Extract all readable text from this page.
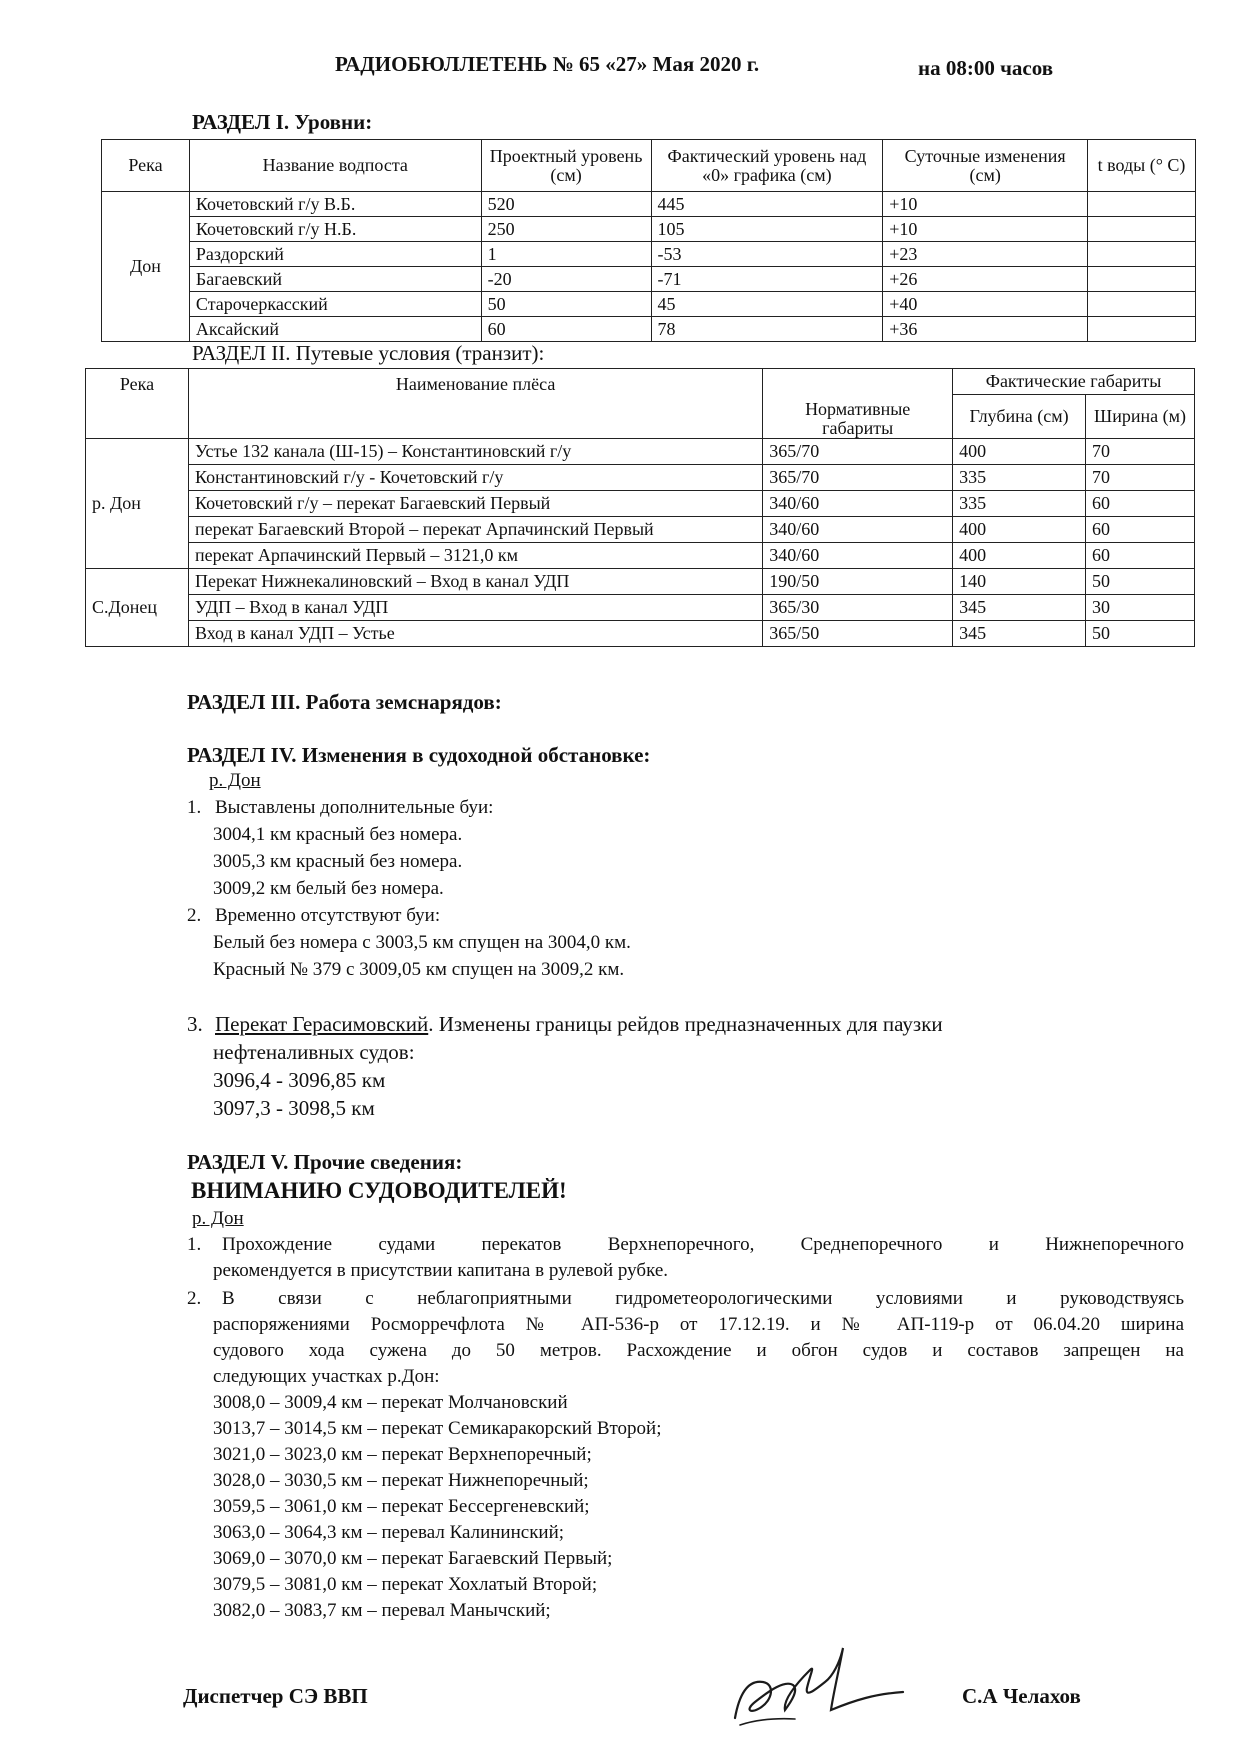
РАДИОБЮЛЛЕТЕНЬ № 65 «27» Мая 2020 г.	на 08:00 часов
РАЗДЕЛ I. Уровни:
Река	Название водпоста	Проектный уровень (см)	Фактический уровень над «0» графика (см)	Суточные изменения (см)	t воды (° C)
Дон	Кочетовский г/у В.Б.	520	445	+10	
	Кочетовский г/у Н.Б.	250	105	+10	
	Раздорский	1	-53	+23	
	Багаевский	-20	-71	+26	
	Старочеркасский	50	45	+40	
	Аксайский	60	78	+36	
РАЗДЕЛ II. Путевые условия (транзит):
Река	Наименование плёса	Нормативные габариты	Фактические габариты	
			Глубина (см)	Ширина (м)
р. Дон	Устье 132 канала (Ш-15) – Константиновский г/у	365/70	400	70
	Константиновский г/у - Кочетовский г/у	365/70	335	70
	Кочетовский г/у – перекат Багаевский Первый	340/60	335	60
	перекат Багаевский Второй – перекат Арпачинский Первый	340/60	400	60
	перекат Арпачинский Первый – 3121,0 км	340/60	400	60
С.Донец	Перекат Нижнекалиновский – Вход в канал УДП	190/50	140	50
	УДП – Вход в канал УДП	365/30	345	30
	Вход в канал УДП – Устье	365/50	345	50
РАЗДЕЛ III. Работа земснарядов:
РАЗДЕЛ IV. Изменения в судоходной обстановке:
р. Дон
1. Выставлены дополнительные буи:
3004,1 км красный без номера.
3005,3 км красный без номера.
3009,2 км белый без номера.
2. Временно отсутствуют буи:
Белый без номера с 3003,5 км спущен на 3004,0 км.
Красный № 379 с 3009,05 км спущен на 3009,2 км.
3. Перекат Герасимовский. Изменены границы рейдов предназначенных для паузки
нефтеналивных судов:
3096,4 - 3096,85 км
3097,3 - 3098,5 км
РАЗДЕЛ V. Прочие сведения:
ВНИМАНИЮ СУДОВОДИТЕЛЕЙ!
р. Дон
1. Прохождение судами перекатов Верхнепоречного, Среднепоречного и Нижнепоречного
рекомендуется в присутствии капитана в рулевой рубке.
2. В связи с неблагоприятными гидрометеорологическими условиями и руководствуясь
распоряжениями Росморречфлота № АП-536-р от 17.12.19. и № АП-119-р от 06.04.20 ширина
судового хода сужена до 50 метров. Расхождение и обгон судов и составов запрещен на
следующих участках р.Дон:
3008,0 – 3009,4 км – перекат Молчановский
3013,7 – 3014,5 км – перекат Семикаракорский Второй;
3021,0 – 3023,0 км – перекат Верхнепоречный;
3028,0 – 3030,5 км – перекат Нижнепоречный;
3059,5 – 3061,0 км – перекат Бессергеневский;
3063,0 – 3064,3 км – перевал Калининский;
3069,0 – 3070,0 км – перекат Багаевский Первый;
3079,5 – 3081,0 км – перекат Хохлатый Второй;
3082,0 – 3083,7 км – перевал Манычский;
Диспетчер СЭ ВВП	С.А Челахов
